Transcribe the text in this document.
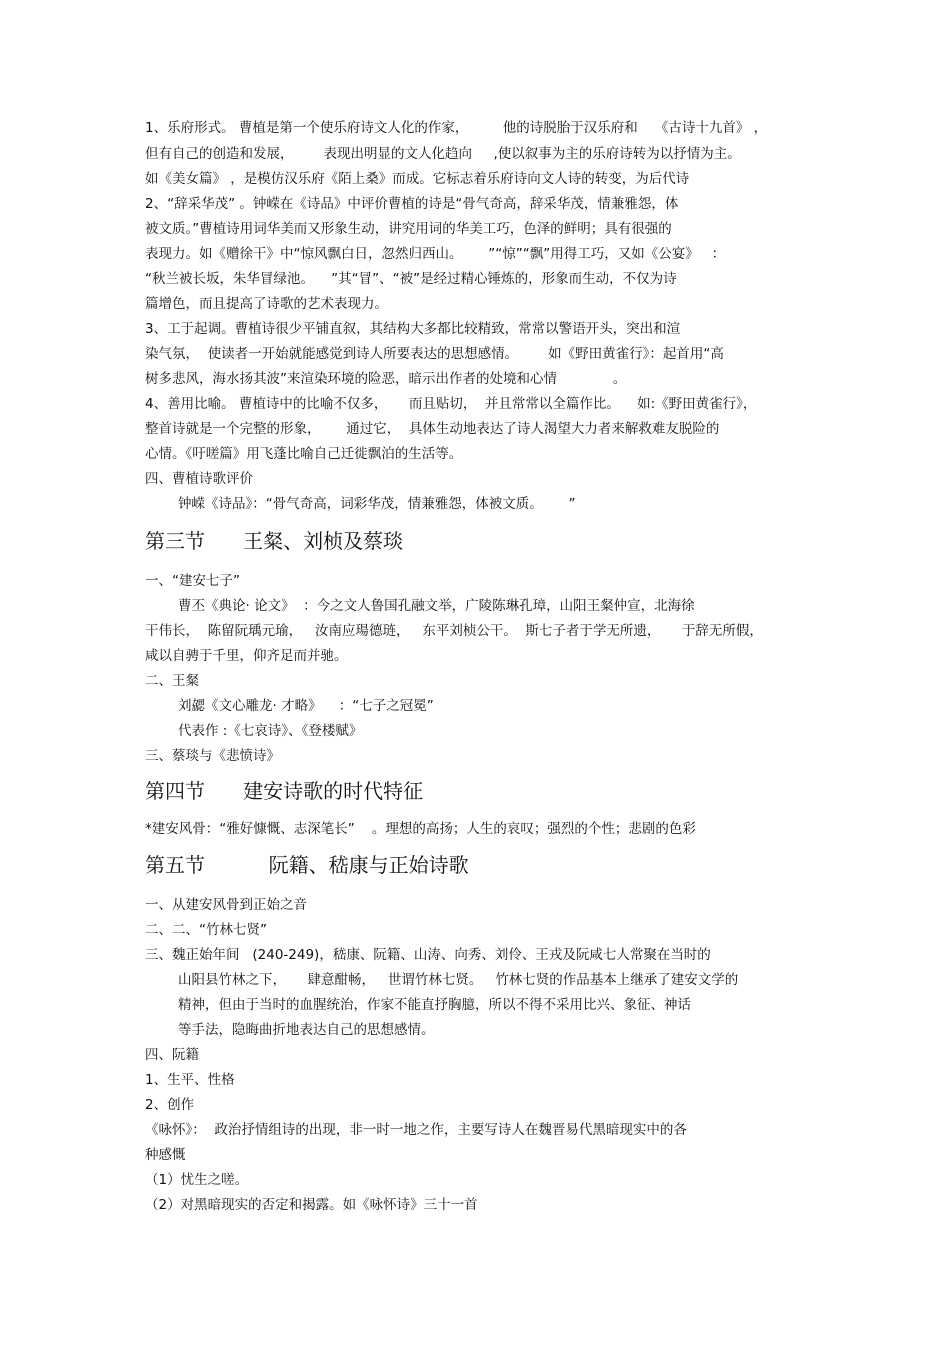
1、乐府形式。 曹植是第一个使乐府诗文人化的作家，        他的诗脱胎于汉乐府和    《古诗十九首》 ，
但有自己的创造和发展，       表现出明显的文人化趋向     ,使以叙事为主的乐府诗转为以抒情为主。
如《美女篇》 ，是模仿汉乐府《陌上桑》而成。它标志着乐府诗向文人诗的转变，为后代诗
2、“辞采华茂” 。钟嵘在《诗品》中评价曹植的诗是“骨气奇高，辞采华茂，情兼雅怨，体
被文质。”曹植诗用词华美而又形象生动，讲究用词的华美工巧，色泽的鲜明；具有很强的
表现力。如《赠徐干》中“惊风飘白日，忽然归西山。      ”“惊”“飘”用得工巧，又如《公宴》   ：
“秋兰被长坂，朱华冒绿池。    ”其“冒”、“被”是经过精心锤炼的，形象而生动，不仅为诗
篇增色，而且提高了诗歌的艺术表现力。
3、工于起调。曹植诗很少平铺直叙，其结构大多都比较精致，常常以警语开头，突出和渲
染气氛，  使读者一开始就能感觉到诗人所要表达的思想感情。       如《野田黄雀行》：起首用“高
树多悲风，海水扬其波”来渲染环境的险恶，暗示出作者的处境和心情             。
4、善用比喻。 曹植诗中的比喻不仅多，     而且贴切，  并且常常以全篇作比。    如:《野田黄雀行》，
整首诗就是一个完整的形象，      通过它，  具体生动地表达了诗人渴望大力者来解救难友脱险的
心情。《吁嗟篇》用飞蓬比喻自己迁徙飘泊的生活等。
四、曹植诗歌评价
钟嵘《诗品》：“骨气奇高，词彩华茂，情兼雅怨，体被文质。      ”
第三节      王粲、刘桢及蔡琰
一、“建安七子”
曹丕《典论· 论文》  ：今之文人鲁国孔融文举，广陵陈琳孔璋，山阳王粲仲宣，北海徐
干伟长，  陈留阮瑀元瑜，   汝南应瑒德琏，   东平刘桢公干。  斯七子者于学无所遗，     于辞无所假，
咸以自骋于千里，仰齐足而并驰。
二、王粲
刘勰《文心雕龙· 才略》    ：“七子之冠冕”
代表作 :《七哀诗》、《登楼赋》
三、蔡琰与《悲愤诗》
第四节      建安诗歌的时代特征
*建安风骨：“雅好慷慨、志深笔长”    。理想的高扬；人生的哀叹；强烈的个性；悲剧的色彩
第五节          阮籍、嵇康与正始诗歌
一、从建安风骨到正始之音
二、二、“竹林七贤”
三、魏正始年间   (240-249)，嵇康、阮籍、山涛、向秀、刘伶、王戎及阮咸七人常聚在当时的
山阳县竹林之下，     肆意酣畅，   世谓竹林七贤。   竹林七贤的作品基本上继承了建安文学的
精神，但由于当时的血腥统治，作家不能直抒胸臆，所以不得不采用比兴、象征、神话
等手法，隐晦曲折地表达自己的思想感情。
四、阮籍
1、生平、性格
2、创作
《咏怀》：  政治抒情组诗的出现，非一时一地之作，主要写诗人在魏晋易代黑暗现实中的各
种感慨
（1）忧生之嗟。
（2）对黑暗现实的否定和揭露。如《咏怀诗》三十一首
